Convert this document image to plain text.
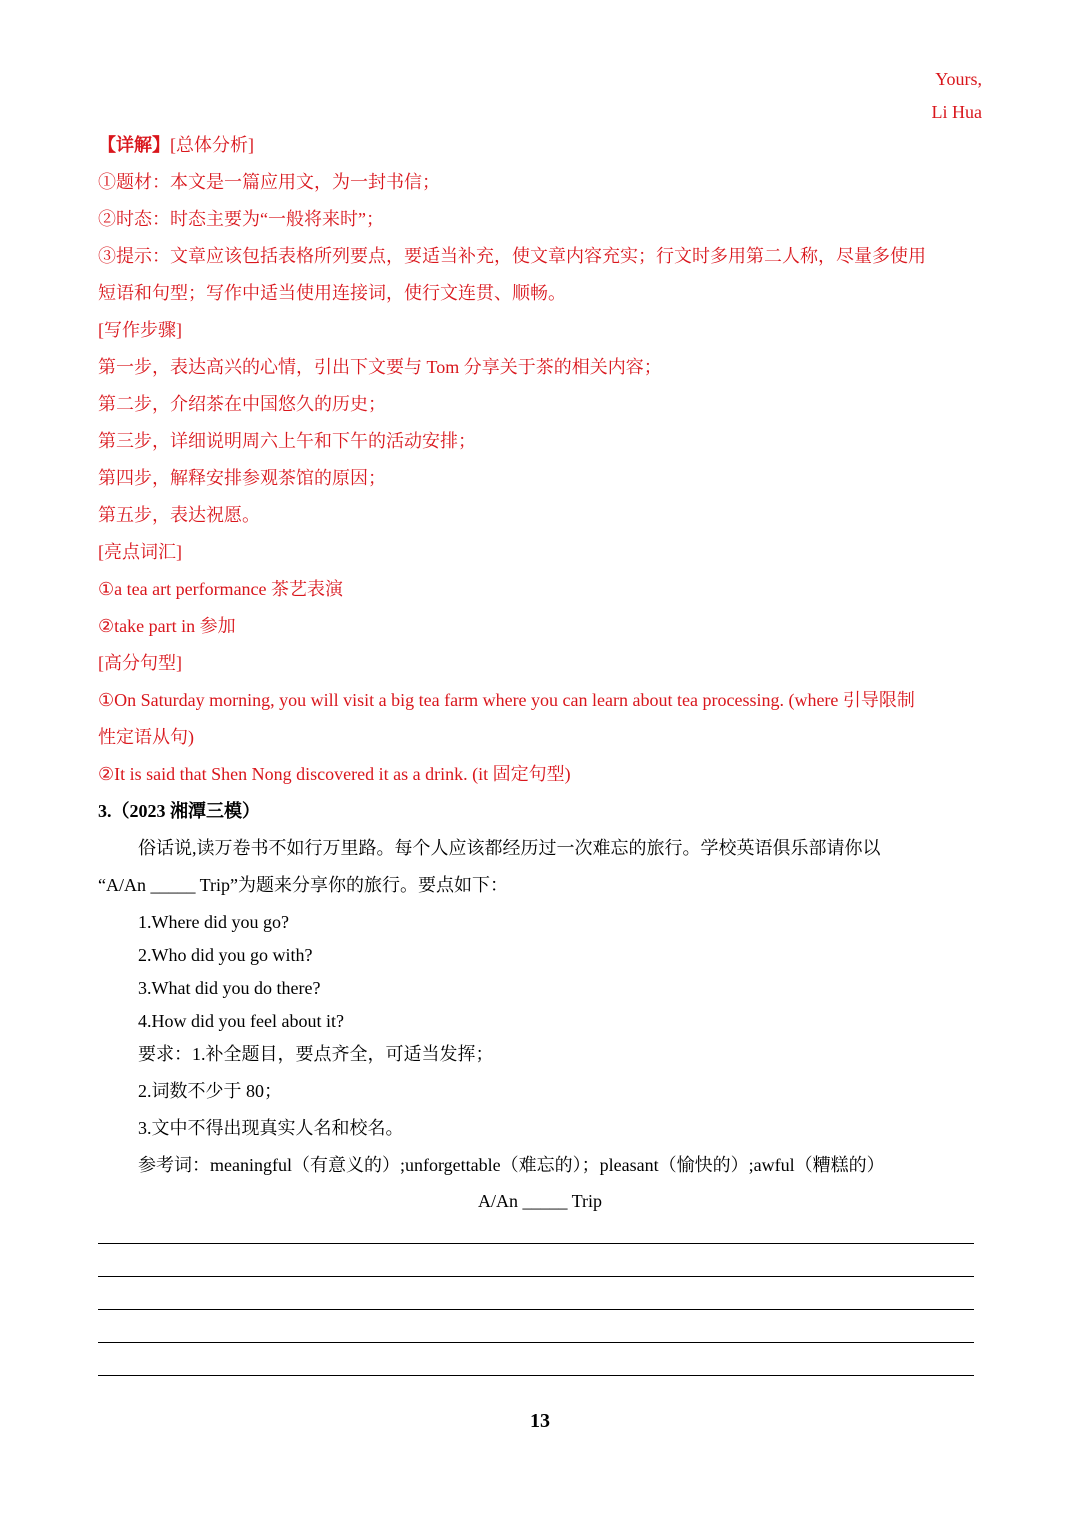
Yours,
Li Hua
【详解】[总体分析]
①题材：本文是一篇应用文，为一封书信；
②时态：时态主要为“一般将来时”；
③提示：文章应该包括表格所列要点，要适当补充，使文章内容充实；行文时多用第二人称，尽量多使用
短语和句型；写作中适当使用连接词，使行文连贯、顺畅。
[写作步骤]
第一步，表达高兴的心情，引出下文要与 Tom 分享关于茶的相关内容；
第二步，介绍茶在中国悠久的历史；
第三步，详细说明周六上午和下午的活动安排；
第四步，解释安排参观茶馆的原因；
第五步，表达祝愿。
[亮点词汇]
①a tea art performance 茶艺表演
②take part in 参加
[高分句型]
①On Saturday morning, you will visit a big tea farm where you can learn about tea processing. (where 引导限制
性定语从句)
②It is said that Shen Nong discovered it as a drink. (it 固定句型)
3.（2023 湘潭三模）
俗话说,读万卷书不如行万里路。每个人应该都经历过一次难忘的旅行。学校英语俱乐部请你以
“A/An _____ Trip”为题来分享你的旅行。要点如下：
1.Where did you go?
2.Who did you go with?
3.What did you do there?
4.How did you feel about it?
要求：1.补全题目，要点齐全，可适当发挥；
2.词数不少于 80；
3.文中不得出现真实人名和校名。
参考词：meaningful（有意义的）;unforgettable（难忘的）；pleasant（愉快的）;awful（糟糕的）
A/An _____ Trip
13
